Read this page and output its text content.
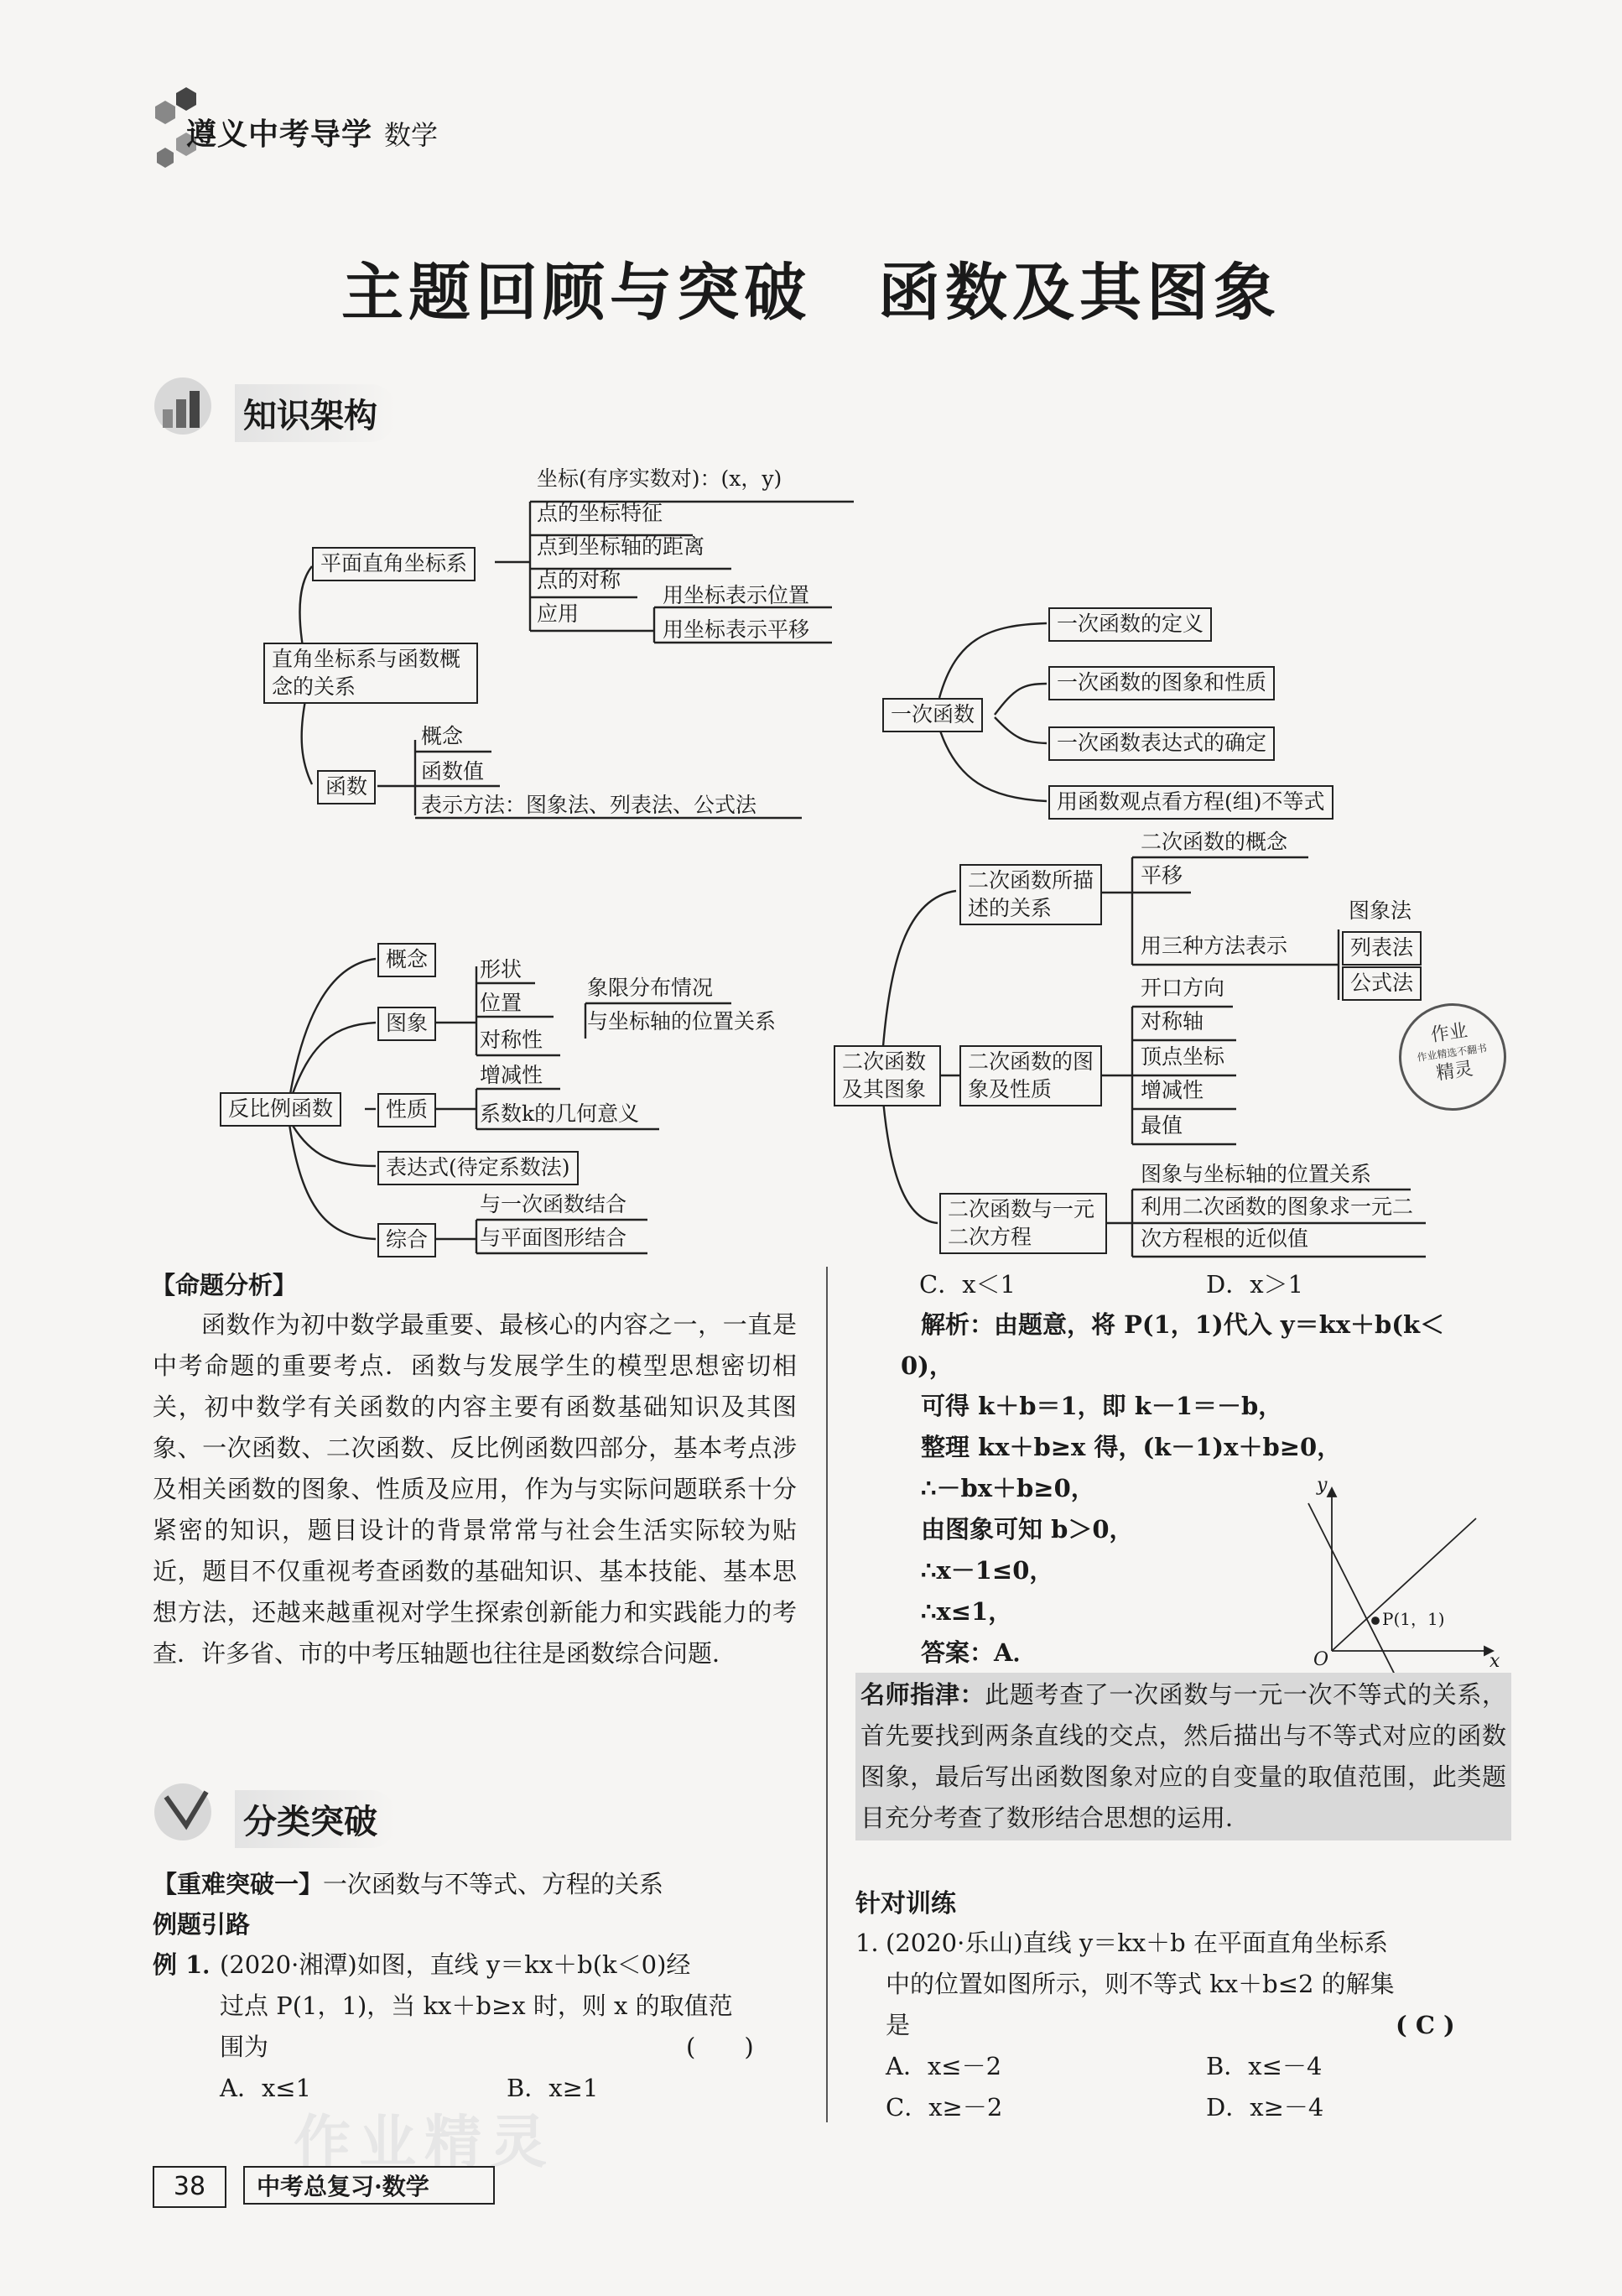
遵义中考导学 数学
主题回顾与突破　函数及其图象
知识架构
直角坐标系与函数概念的关系
平面直角坐标系
坐标(有序实数对)：(x，y)
点的坐标特征
点到坐标轴的距离
点的对称
应用
用坐标表示位置
用坐标表示平移
函数
概念
函数值
表示方法：图象法、列表法、公式法
一次函数
一次函数的定义
一次函数的图象和性质
一次函数表达式的确定
用函数观点看方程(组)不等式
反比例函数
概念
图象
形状
位置
象限分布情况
与坐标轴的位置关系
对称性
性质
增减性
系数k的几何意义
表达式(待定系数法)
综合
与一次函数结合
与平面图形结合
二次函数及其图象
二次函数所描述的关系
二次函数的概念
平移
用三种方法表示
图象法
列表法
公式法
二次函数的图象及性质
开口方向
对称轴
顶点坐标
增减性
最值
二次函数与一元二次方程
图象与坐标轴的位置关系
利用二次函数的图象求一元二次方程根的近似值
作业
作业精选不翻书
精灵
【命题分析】
函数作为初中数学最重要、最核心的内容之一，一直是中考命题的重要考点．函数与发展学生的模型思想密切相关，初中数学有关函数的内容主要有函数基础知识及其图象、一次函数、二次函数、反比例函数四部分，基本考点涉及相关函数的图象、性质及应用，作为与实际问题联系十分紧密的知识，题目设计的背景常常与社会生活实际较为贴近，题目不仅重视考查函数的基础知识、基本技能、基本思想方法，还越来越重视对学生探索创新能力和实践能力的考查．许多省、市的中考压轴题也往往是函数综合问题．
分类突破
【重难突破一】一次函数与不等式、方程的关系
例题引路
例 1．
(2020·湘潭)如图，直线 y＝kx＋b(k＜0)经
过点 P(1，1)，当 kx＋b≥x 时，则 x 的取值范
围为	(　　)
A．x≤1	B．x≥1
C．x＜1	D．x＞1
解析：由题意，将 P(1，1)代入 y＝kx＋b(k＜
0)，
可得 k＋b＝1，即 k－1＝－b，
整理 kx＋b≥x 得，(k－1)x＋b≥0，
∴－bx＋b≥0，
由图象可知 b＞0，
∴x－1≤0，
∴x≤1，
答案：A．
y
x
O
P(1，1)
名师指津：此题考查了一次函数与一元一次不等式的关系，首先要找到两条直线的交点，然后描出与不等式对应的函数图象，最后写出函数图象对应的自变量的取值范围，此类题目充分考查了数形结合思想的运用．
针对训练
1．
(2020·乐山)直线 y＝kx＋b 在平面直角坐标系
中的位置如图所示，则不等式 kx＋b≤2 的解集
是	( C )
A．x≤－2	B．x≤－4
C．x≥－2	D．x≥－4
作业精灵
38	中考总复习·数学
